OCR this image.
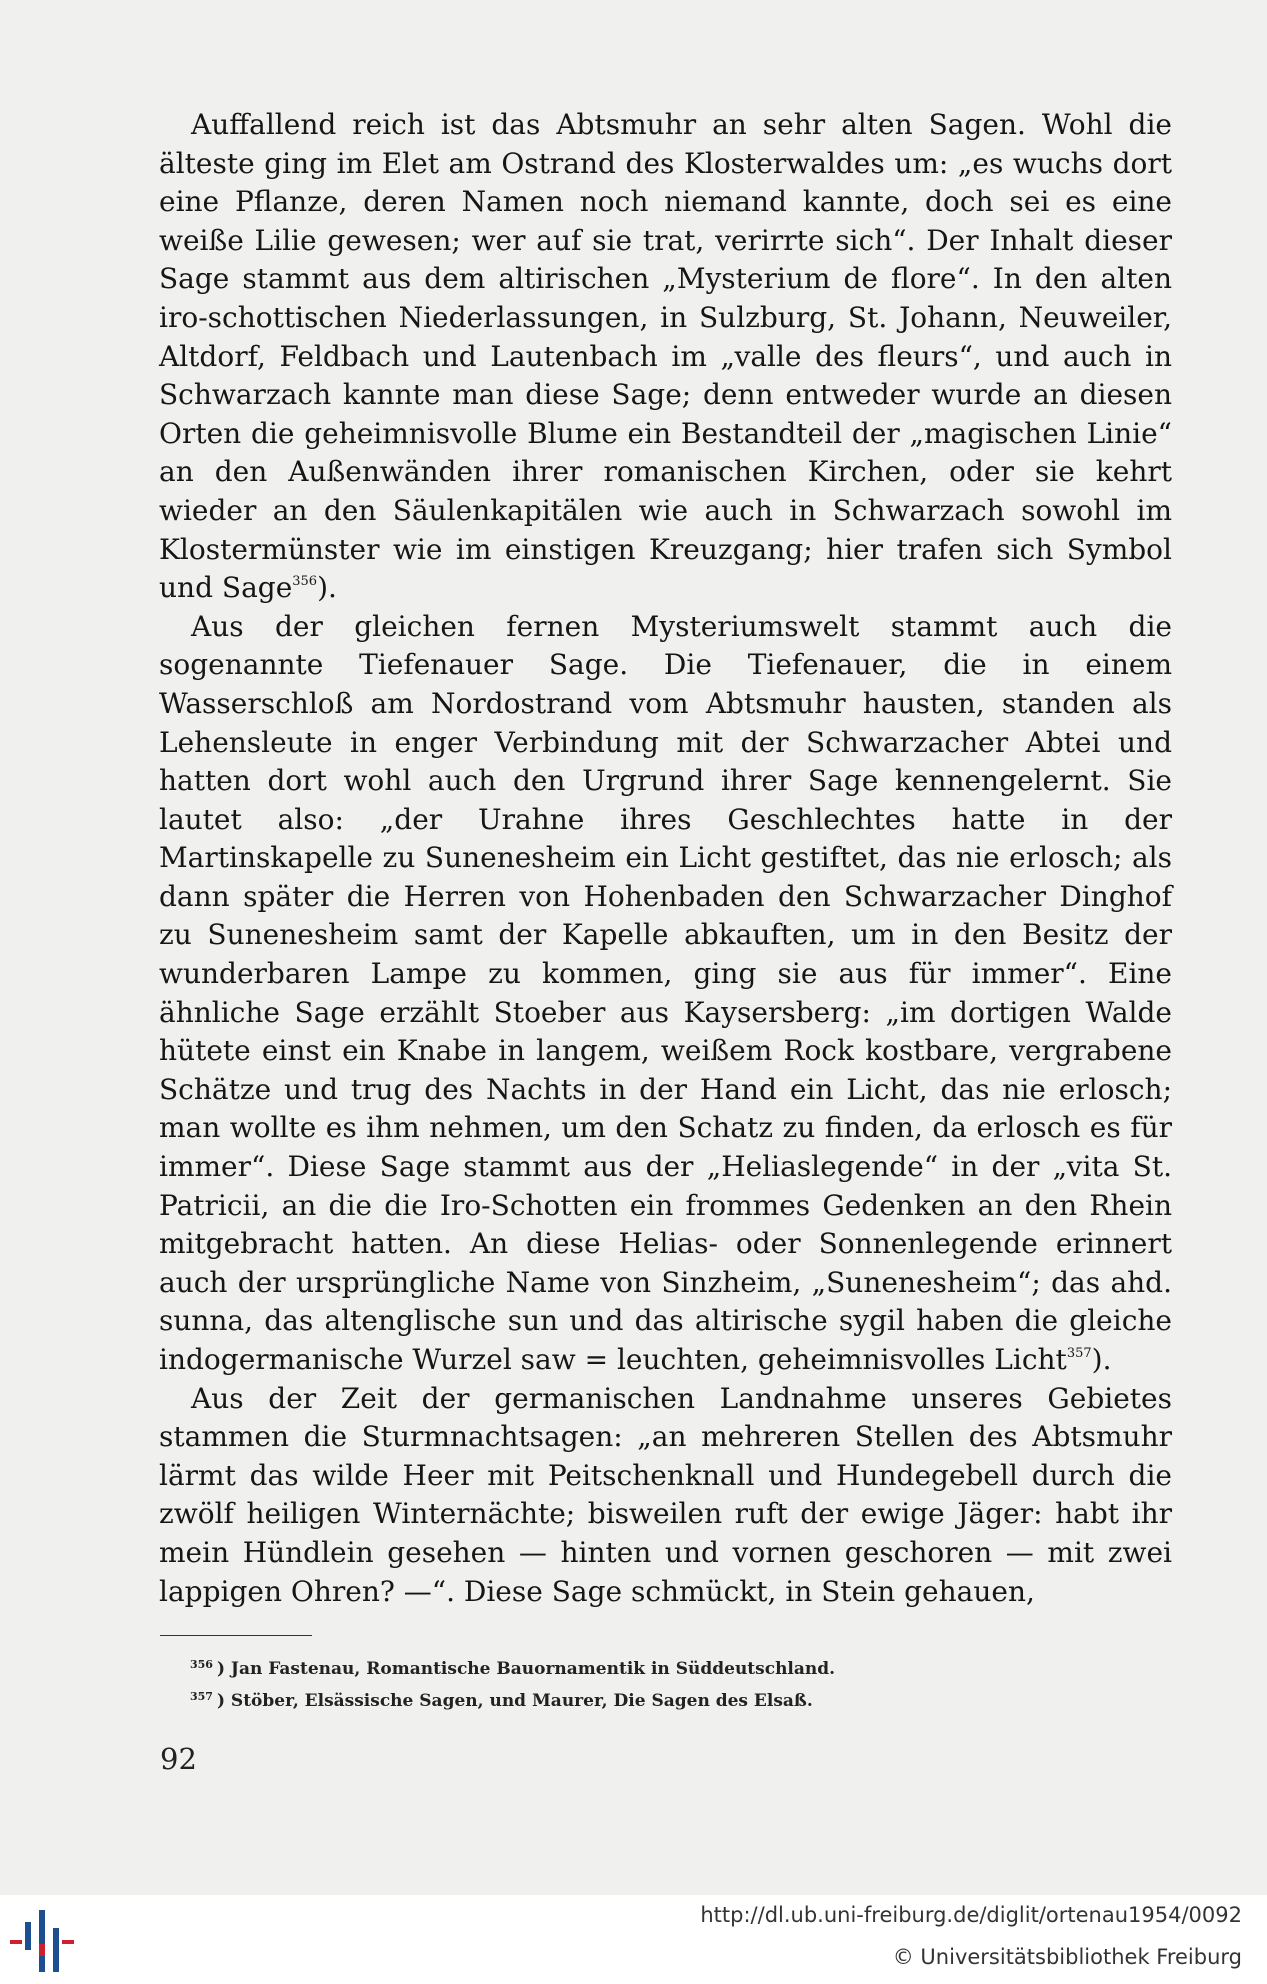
Auffallend reich ist das Abtsmuhr an sehr alten Sagen. Wohl die älteste ging im Elet am Ostrand des Klosterwaldes um: „es wuchs dort eine Pflanze, deren Namen noch niemand kannte, doch sei es eine weiße Lilie gewesen; wer auf sie trat, verirrte sich“. Der Inhalt dieser Sage stammt aus dem altirischen „Mysterium de flore“. In den alten iro-schottischen Niederlassungen, in Sulzburg, St. Johann, Neuweiler, Altdorf, Feldbach und Lautenbach im „valle des fleurs“, und auch in Schwarzach kannte man diese Sage; denn entweder wurde an diesen Orten die geheimnisvolle Blume ein Bestandteil der „magischen Linie“ an den Außenwänden ihrer romanischen Kirchen, oder sie kehrt wieder an den Säulenkapitälen wie auch in Schwarzach sowohl im Klostermünster wie im einstigen Kreuzgang; hier trafen sich Symbol und Sage$^{356}$).

Aus der gleichen fernen Mysteriumswelt stammt auch die sogenannte Tiefenauer Sage. Die Tiefenauer, die in einem Wasserschloß am Nordostrand vom Abtsmuhr hausten, standen als Lehensleute in enger Verbindung mit der Schwarzacher Abtei und hatten dort wohl auch den Urgrund ihrer Sage kennengelernt. Sie lautet also: „der Urahne ihres Geschlechtes hatte in der Martinskapelle zu Sunenesheim ein Licht gestiftet, das nie erlosch; als dann später die Herren von Hohenbaden den Schwarzacher Dinghof zu Sunenesheim samt der Kapelle abkauften, um in den Besitz der wunderbaren Lampe zu kommen, ging sie aus für immer“. Eine ähnliche Sage erzählt Stoeber aus Kaysersberg: „im dortigen Walde hütete einst ein Knabe in langem, weißem Rock kostbare, vergrabene Schätze und trug des Nachts in der Hand ein Licht, das nie erlosch; man wollte es ihm nehmen, um den Schatz zu finden, da erlosch es für immer“. Diese Sage stammt aus der „Heliaslegende“ in der „vita St. Patricii, an die die Iro-Schotten ein frommes Gedenken an den Rhein mitgebracht hatten. An diese Helias- oder Sonnenlegende erinnert auch der ursprüngliche Name von Sinzheim, „Sunenesheim“; das ahd. sunna, das altenglische sun und das altirische sygil haben die gleiche indogermanische Wurzel saw = leuchten, geheimnisvolles Licht$^{357}$).

Aus der Zeit der germanischen Landnahme unseres Gebietes stammen die Sturmnachtsagen: „an mehreren Stellen des Abtsmuhr lärmt das wilde Heer mit Peitschenknall und Hundegebell durch die zwölf heiligen Winternächte; bisweilen ruft der ewige Jäger: habt ihr mein Hündlein gesehen — hinten und vornen geschoren — mit zwei lappigen Ohren? —“. Diese Sage schmückt, in Stein gehauen,

$^{356}$ ) Jan Fastenau, Romantische Bauornamentik in Süddeutschland.

$^{357}$ ) Stöber, Elsässische Sagen, und Maurer, Die Sagen des Elsaß.

92
http://dl.ub.uni-freiburg.de/diglit/ortenau1954/0092
© Universitätsbibliothek Freiburg
